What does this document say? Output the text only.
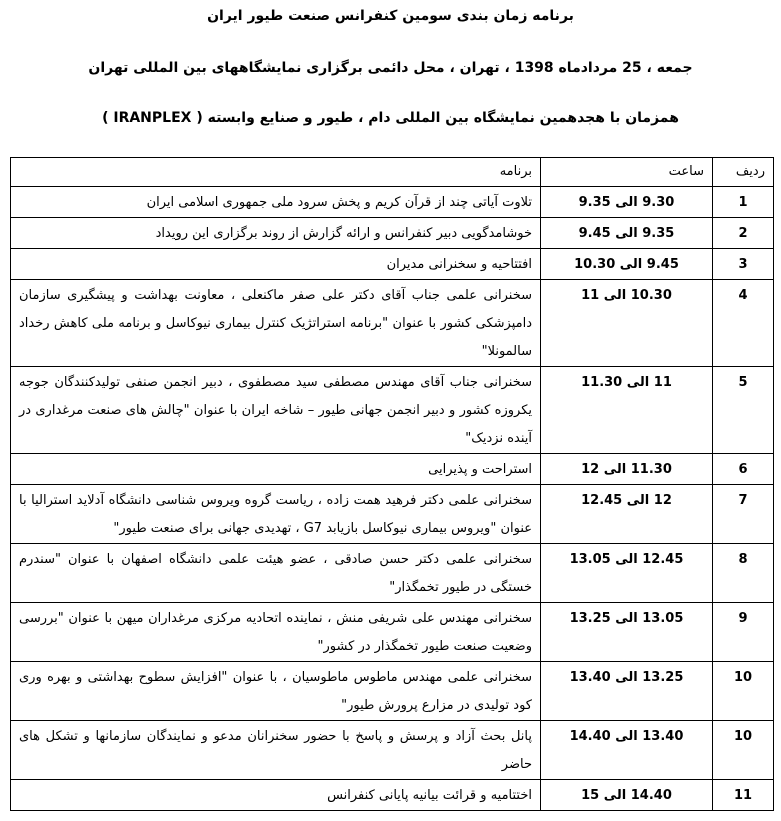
برنامه زمان بندی سومین کنفرانس صنعت طیور ایران
جمعه ، 25 مردادماه 1398 ، تهران ، محل دائمی برگزاری نمایشگاههای بین المللی تهران
همزمان با هجدهمین نمایشگاه بین المللی دام ، طیور و صنایع وابسته ( IRANPLEX )
ردیف	ساعت	برنامه
1	9.30 الی 9.35	تلاوت آیاتی چند از قرآن کریم و پخش سرود ملی جمهوری اسلامی ایران
2	9.35 الی 9.45	خوشامدگویی دبیر کنفرانس و ارائه گزارش از روند برگزاری این رویداد
3	9.45 الی 10.30	افتتاحیه و سخنرانی مدیران
4	10.30 الی 11	سخنرانی علمی جناب آقای دکتر علی صفر ماکنعلی ، معاونت بهداشت و پیشگیری سازمان دامپزشکی کشور با عنوان "برنامه استراتژیک کنترل بیماری نیوکاسل و برنامه ملی کاهش رخداد سالمونلا"
5	11 الی 11.30	سخنرانی جناب آقای مهندس مصطفی سید مصطفوی ، دبیر انجمن صنفی تولیدکنندگان جوجه یکروزه کشور و دبیر انجمن جهانی طیور – شاخه ایران با عنوان "چالش های صنعت مرغداری در آینده نزدیک"
6	11.30 الی 12	استراحت و پذیرایی
7	12 الی 12.45	سخنرانی علمی دکتر فرهید همت زاده ، ریاست گروه ویروس شناسی دانشگاه آدلاید استرالیا با عنوان "ویروس بیماری نیوکاسل بازیابد G7 ، تهدیدی جهانی برای صنعت طیور"
8	12.45 الی 13.05	سخنرانی علمی دکتر حسن صادقی ، عضو هیئت علمی دانشگاه اصفهان با عنوان "سندرم خستگی در طیور تخمگذار"
9	13.05 الی 13.25	سخنرانی مهندس علی شریفی منش ، نماینده اتحادیه مرکزی مرغداران میهن با عنوان "بررسی وضعیت صنعت طیور تخمگذار در کشور"
10	13.25 الی 13.40	سخنرانی علمی مهندس ماطوس ماطوسیان ، با عنوان "افزایش سطوح بهداشتی و بهره وری کود تولیدی در مزارع پرورش طیور"
10	13.40 الی 14.40	پانل بحث آزاد و پرسش و پاسخ با حضور سخنرانان مدعو و نمایندگان سازمانها و تشکل های حاضر
11	14.40 الی 15	اختتامیه و قرائت بیانیه پایانی کنفرانس
